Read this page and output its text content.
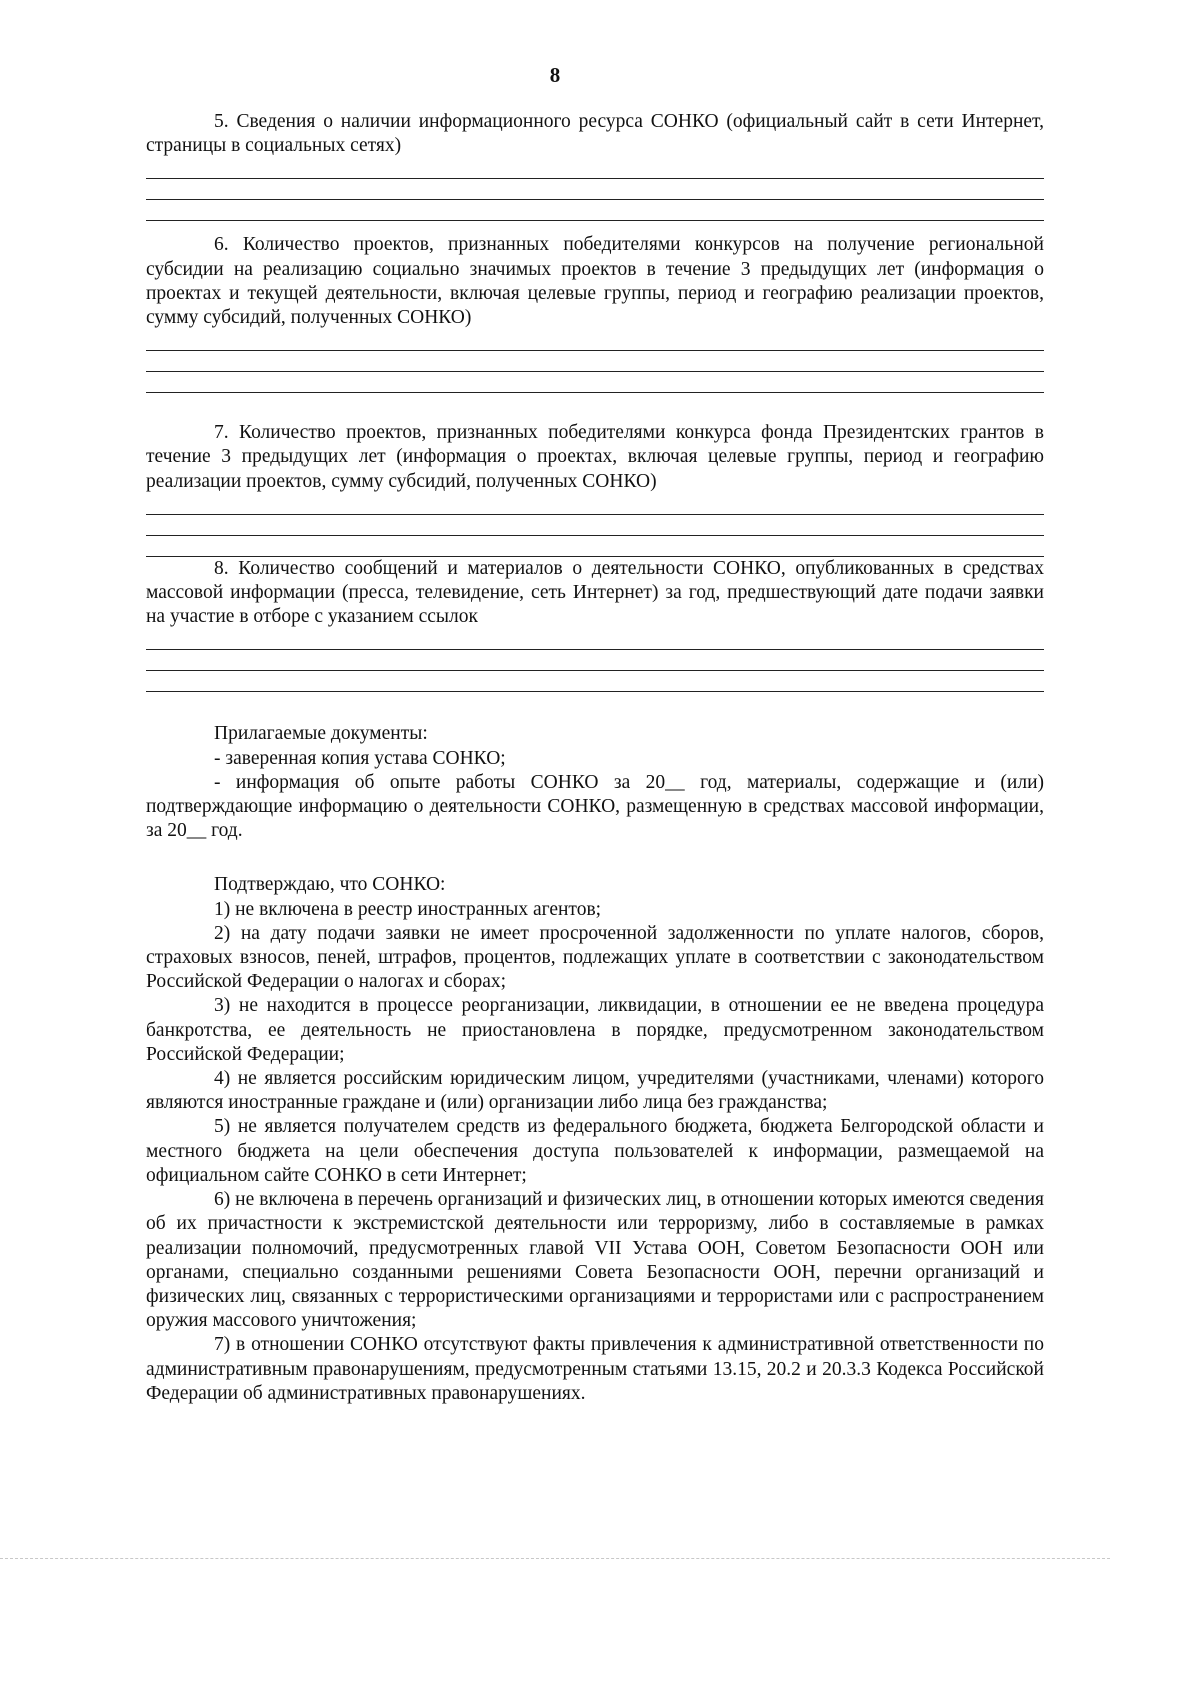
8

5. Сведения о наличии информационного ресурса СОНКО (официальный сайт в сети Интернет, страницы в социальных сетях)

6. Количество проектов, признанных победителями конкурсов на получение региональной субсидии на реализацию социально значимых проектов в течение 3 предыдущих лет (информация о проектах и текущей деятельности, включая целевые группы, период и географию реализации проектов, сумму субсидий, полученных СОНКО)

7. Количество проектов, признанных победителями конкурса фонда Президентских грантов в течение 3 предыдущих лет (информация о проектах, включая целевые группы, период и географию реализации проектов, сумму субсидий, полученных СОНКО)

8. Количество сообщений и материалов о деятельности СОНКО, опубликованных в средствах массовой информации (пресса, телевидение, сеть Интернет) за год, предшествующий дате подачи заявки на участие в отборе с указанием ссылок

Прилагаемые документы:

- заверенная копия устава СОНКО;

- информация об опыте работы СОНКО за 20__ год, материалы, содержащие и (или) подтверждающие информацию о деятельности СОНКО, размещенную в средствах массовой информации, за 20__ год.

Подтверждаю, что СОНКО:

1) не включена в реестр иностранных агентов;

2) на дату подачи заявки не имеет просроченной задолженности по уплате налогов, сборов, страховых взносов, пеней, штрафов, процентов, подлежащих уплате в соответствии с законодательством Российской Федерации о налогах и сборах;

3) не находится в процессе реорганизации, ликвидации, в отношении ее не введена процедура банкротства, ее деятельность не приостановлена в порядке, предусмотренном законодательством Российской Федерации;

4) не является российским юридическим лицом, учредителями (участниками, членами) которого являются иностранные граждане и (или) организации либо лица без гражданства;

5) не является получателем средств из федерального бюджета, бюджета Белгородской области и местного бюджета на цели обеспечения доступа пользователей к информации, размещаемой на официальном сайте СОНКО в сети Интернет;

6) не включена в перечень организаций и физических лиц, в отношении которых имеются сведения об их причастности к экстремистской деятельности или терроризму, либо в составляемые в рамках реализации полномочий, предусмотренных главой VII Устава ООН, Советом Безопасности ООН или органами, специально созданными решениями Совета Безопасности ООН, перечни организаций и физических лиц, связанных с террористическими организациями и террористами или с распространением оружия массового уничтожения;

7) в отношении СОНКО отсутствуют факты привлечения к административной ответственности по административным правонарушениям, предусмотренным статьями 13.15, 20.2 и 20.3.3 Кодекса Российской Федерации об административных правонарушениях.
